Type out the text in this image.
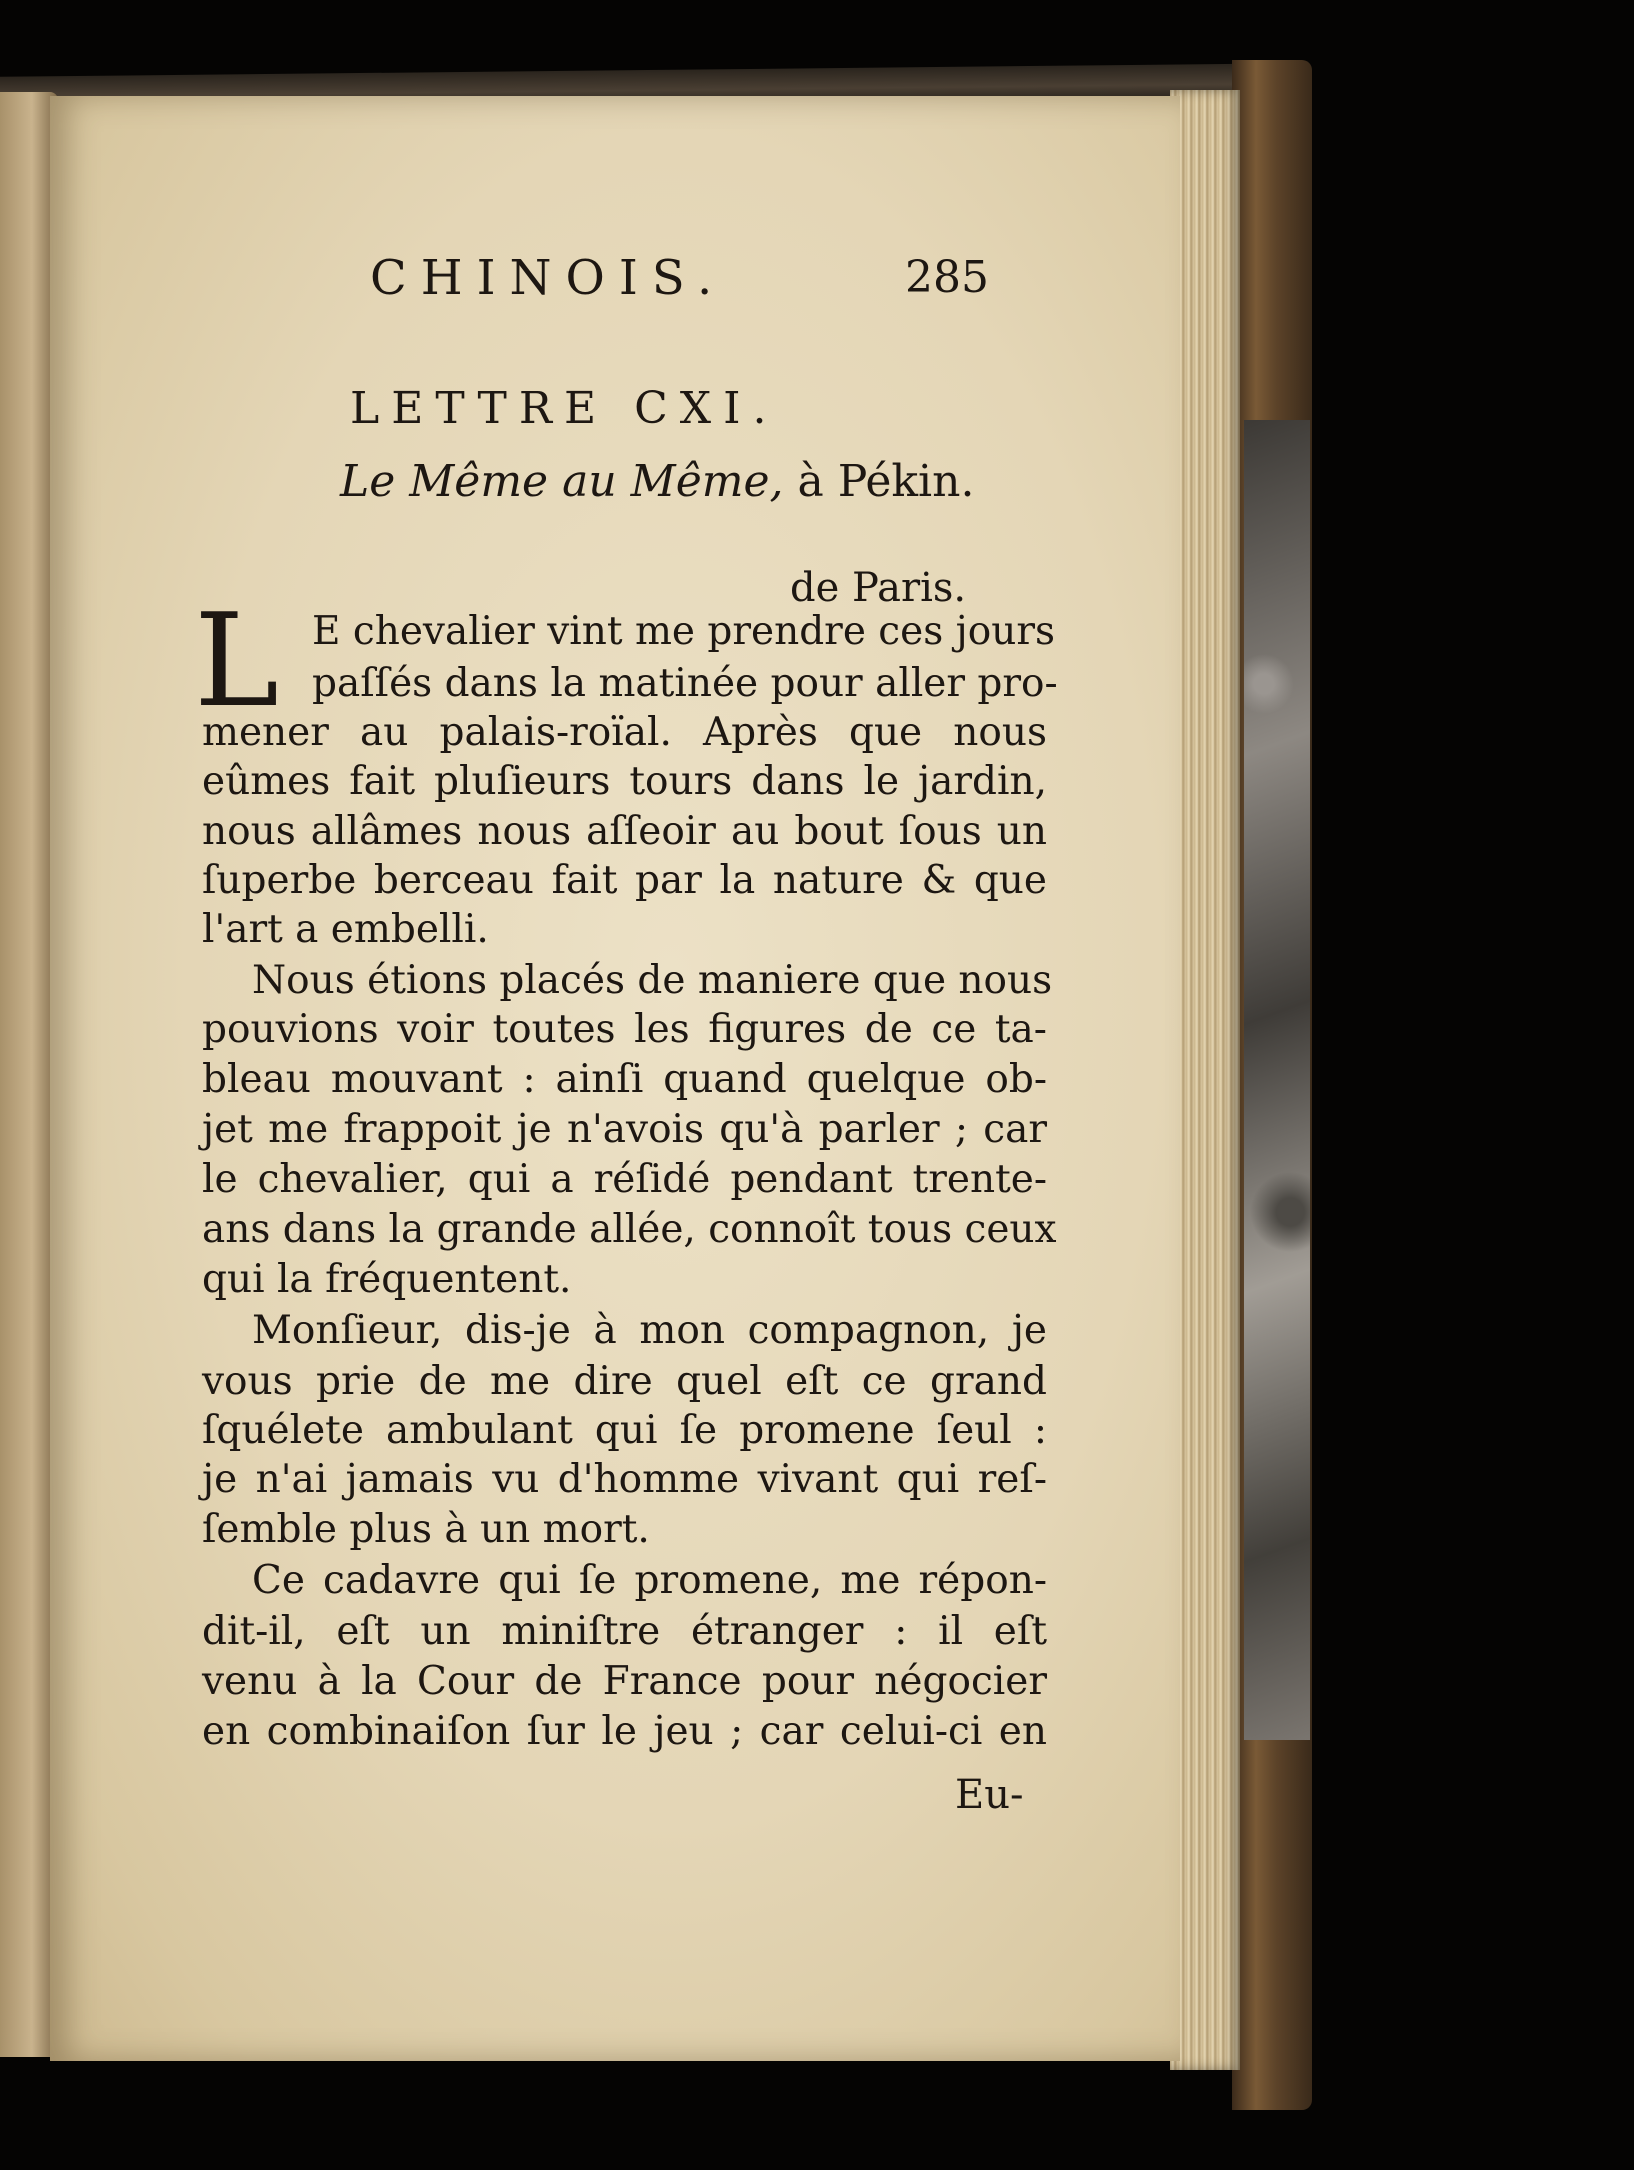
CHINOIS.	285
LETTRE CXI.
Le Même au Même, à Pékin.
de Paris.
L E chevalier vint me prendre ces jours
paſſés dans la matinée pour aller pro-
mener au palais-roïal. Après que nous
eûmes fait pluſieurs tours dans le jardin,
nous allâmes nous aſſeoir au bout ſous un
ſuperbe berceau fait par la nature & que
l'art a embelli.
Nous étions placés de maniere que nous
pouvions voir toutes les figures de ce ta-
bleau mouvant : ainſi quand quelque ob-
jet me frappoit je n'avois qu'à parler ; car
le chevalier, qui a réſidé pendant trente-
ans dans la grande allée, connoît tous ceux
qui la fréquentent.
Monſieur, dis-je à mon compagnon, je
vous prie de me dire quel eſt ce grand
ſquélete ambulant qui ſe promene ſeul :
je n'ai jamais vu d'homme vivant qui reſ-
ſemble plus à un mort.
Ce cadavre qui ſe promene, me répon-
dit-il, eſt un miniſtre étranger : il eſt
venu à la Cour de France pour négocier
en combinaiſon ſur le jeu ; car celui-ci en
Eu-
